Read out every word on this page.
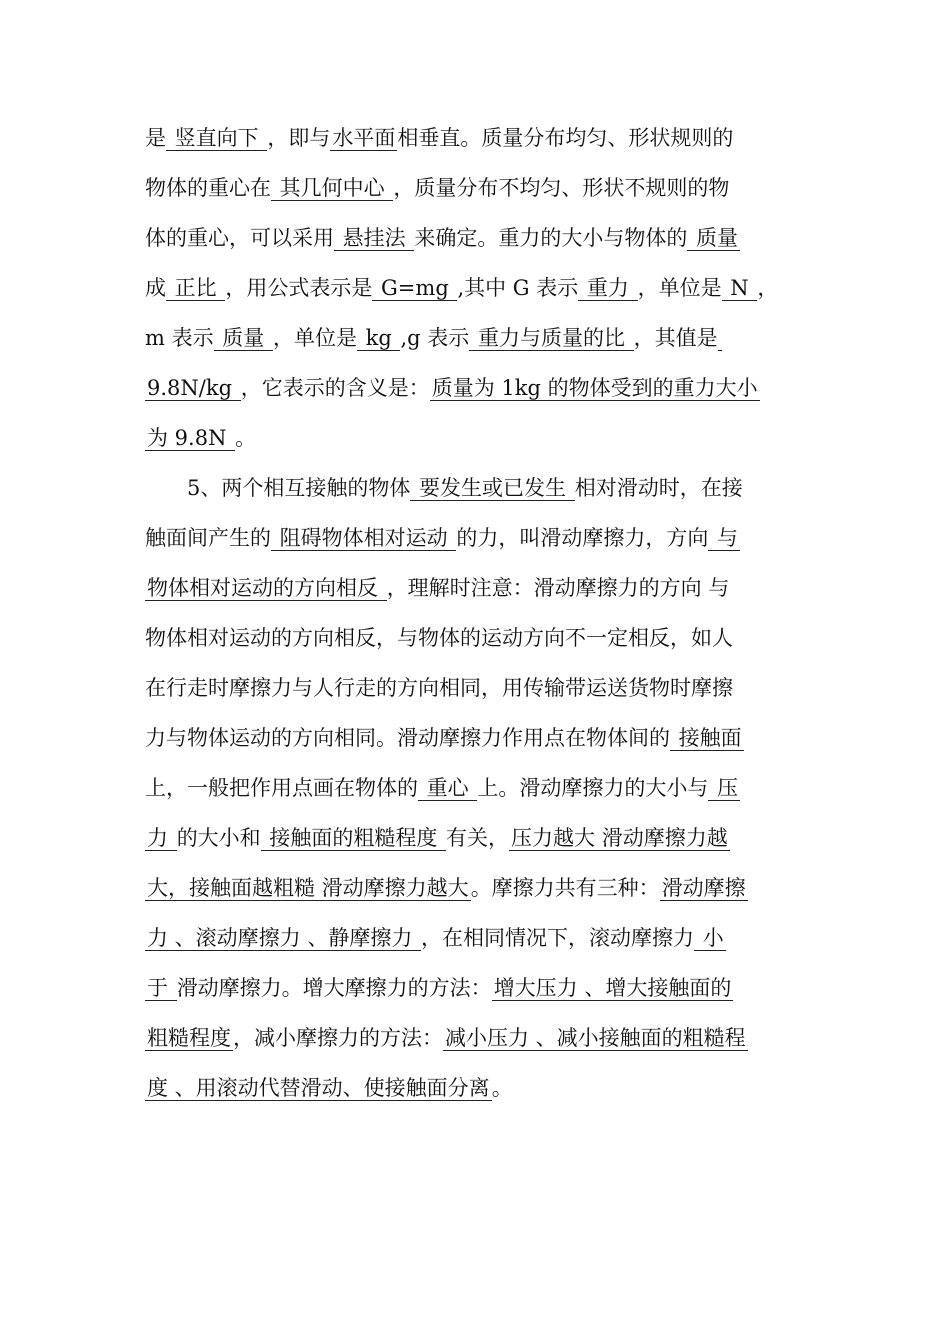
是 竖直向下 ，即与水平面相垂直。质量分布均匀、形状规则的
物体的重心在 其几何中心 ，质量分布不均匀、形状不规则的物
体的重心，可以采用 悬挂法 来确定。重力的大小与物体的 质量
成 正比 ，用公式表示是 G=mg ,其中 G 表示 重力 ，单位是 N ，
m 表示 质量 ，单位是 kg ,g 表示 重力与质量的比 ，其值是
9.8N/kg ，它表示的含义是：质量为 1kg 的物体受到的重力大小
为 9.8N 。
　　5、两个相互接触的物体 要发生或已发生 相对滑动时，在接
触面间产生的 阻碍物体相对运动 的力，叫滑动摩擦力，方向 与
物体相对运动的方向相反 ，理解时注意：滑动摩擦力的方向 与
物体相对运动的方向相反，与物体的运动方向不一定相反，如人
在行走时摩擦力与人行走的方向相同，用传输带运送货物时摩擦
力与物体运动的方向相同。滑动摩擦力作用点在物体间的 接触面
上，一般把作用点画在物体的 重心 上。滑动摩擦力的大小与 压
力 的大小和 接触面的粗糙程度 有关，压力越大 滑动摩擦力越
大，接触面越粗糙 滑动摩擦力越大。摩擦力共有三种：滑动摩擦
力 、滚动摩擦力 、静摩擦力 ，在相同情况下，滚动摩擦力 小
于 滑动摩擦力。增大摩擦力的方法：增大压力 、增大接触面的
粗糙程度，减小摩擦力的方法：减小压力 、减小接触面的粗糙程
度 、用滚动代替滑动、使接触面分离。
